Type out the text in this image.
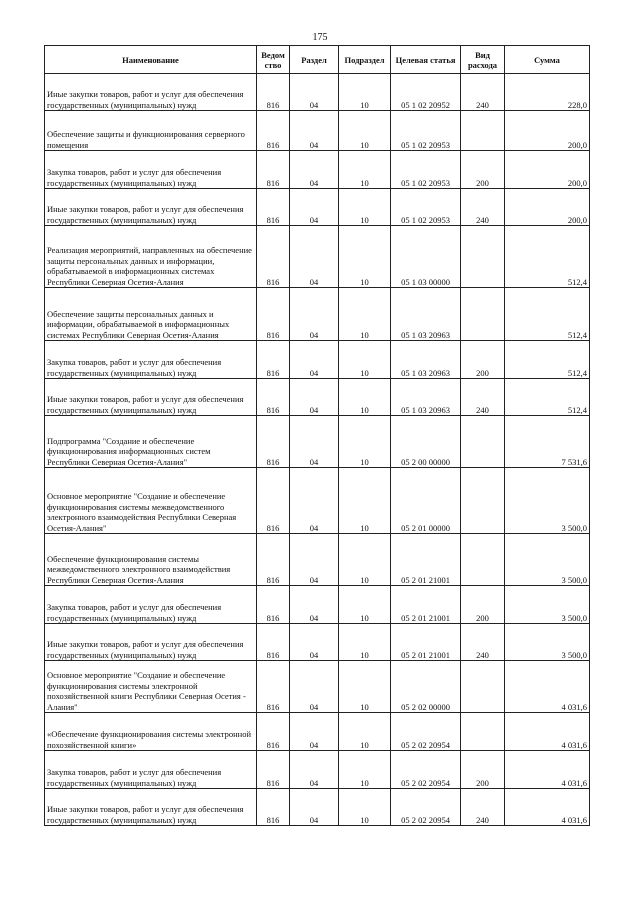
175
Наименование	Ведом ство	Раздел	Подраздел	Целевая статья	Вид расхода	Сумма
Иные закупки товаров, работ и услуг для обеспечения государственных (муниципальных) нужд	816	04	10	05 1 02 20952	240	228,0
Обеспечение защиты и функционирования серверного помещения	816	04	10	05 1 02 20953		200,0
Закупка товаров, работ и услуг для обеспечения государственных (муниципальных) нужд	816	04	10	05 1 02 20953	200	200,0
Иные закупки товаров, работ и услуг для обеспечения государственных (муниципальных) нужд	816	04	10	05 1 02 20953	240	200,0
Реализация мероприятий, направленных на обеспечение защиты персональных данных и информации, обрабатываемой в информационных системах Республики Северная Осетия-Алания	816	04	10	05 1 03 00000		512,4
Обеспечение защиты персональных данных и информации, обрабатываемой в информационных системах Республики Северная Осетия-Алания	816	04	10	05 1 03 20963		512,4
Закупка товаров, работ и услуг для обеспечения государственных (муниципальных) нужд	816	04	10	05 1 03 20963	200	512,4
Иные закупки товаров, работ и услуг для обеспечения государственных (муниципальных) нужд	816	04	10	05 1 03 20963	240	512,4
Подпрограмма "Создание и обеспечение функционирования информационных систем Республики Северная Осетия-Алания"	816	04	10	05 2 00 00000		7 531,6
Основное мероприятие "Создание и обеспечение функционирования системы межведомственного электронного взаимодействия Республики Северная Осетия-Алания"	816	04	10	05 2 01 00000		3 500,0
Обеспечение функционирования системы межведомственного электронного взаимодействия Республики Северная Осетия-Алания	816	04	10	05 2 01 21001		3 500,0
Закупка товаров, работ и услуг для обеспечения государственных (муниципальных) нужд	816	04	10	05 2 01 21001	200	3 500,0
Иные закупки товаров, работ и услуг для обеспечения государственных (муниципальных) нужд	816	04	10	05 2 01 21001	240	3 500,0
Основное мероприятие "Создание и обеспечение функционирования системы электронной похозяйственной книги Республики Северная Осетия - Алания"	816	04	10	05 2 02 00000		4 031,6
«Обеспечение функционирования системы электронной похозяйственной книги»	816	04	10	05 2 02 20954		4 031,6
Закупка товаров, работ и услуг для обеспечения государственных (муниципальных) нужд	816	04	10	05 2 02 20954	200	4 031,6
Иные закупки товаров, работ и услуг для обеспечения государственных (муниципальных) нужд	816	04	10	05 2 02 20954	240	4 031,6
